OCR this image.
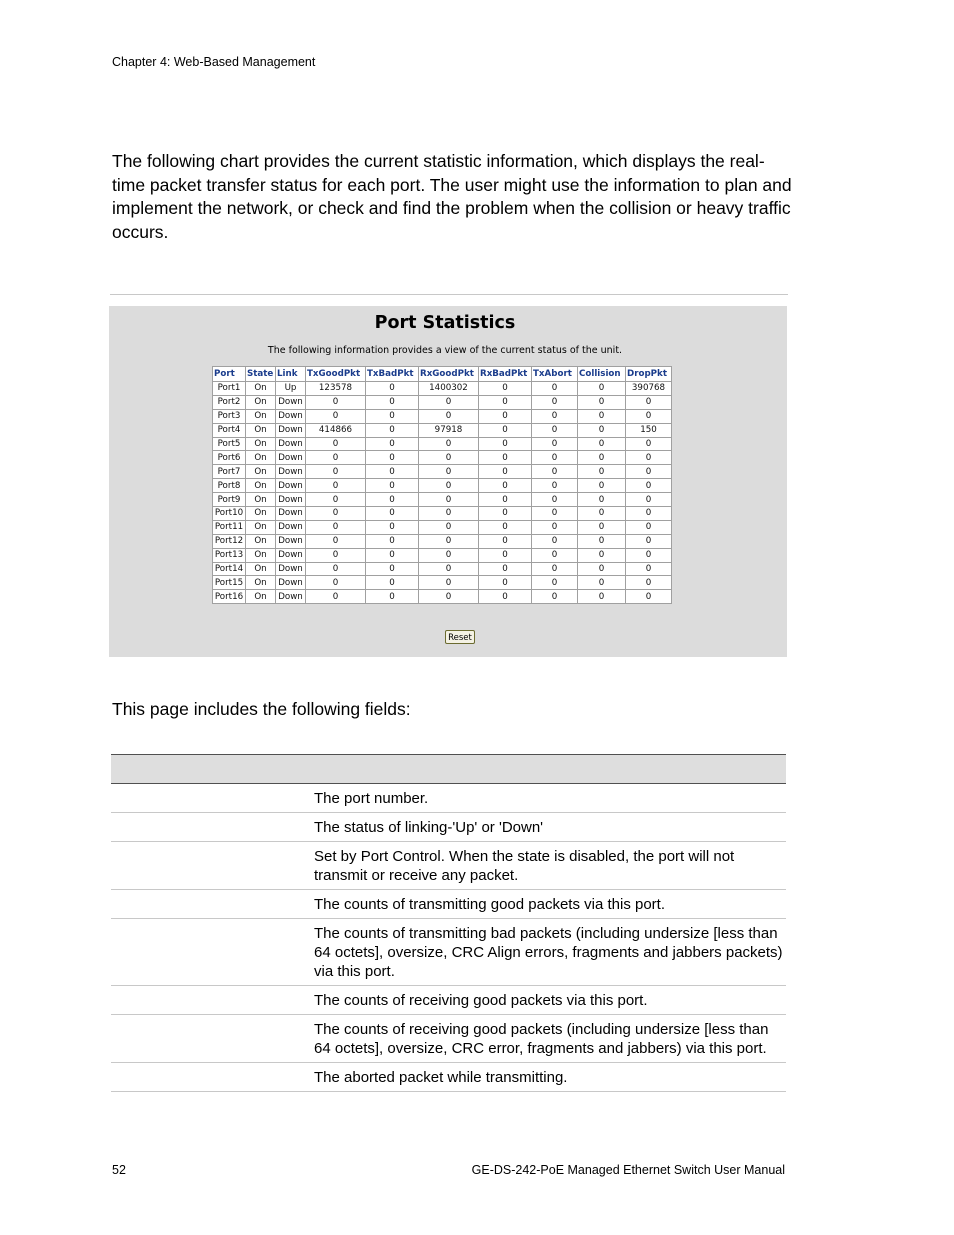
Chapter 4: Web-Based Management

The following chart provides the current statistic information, which displays the real-time packet transfer status for each port. The user might use the information to plan and implement the network, or check and find the problem when the collision or heavy traffic occurs.

Port Statistics
The following information provides a view of the current status of the unit.
Port	State	Link	TxGoodPkt	TxBadPkt	RxGoodPkt	RxBadPkt	TxAbort	Collision	DropPkt
Port1	On	Up	123578	0	1400302	0	0	0	390768
Port2	On	Down	0	0	0	0	0	0	0
Port3	On	Down	0	0	0	0	0	0	0
Port4	On	Down	414866	0	97918	0	0	0	150
Port5	On	Down	0	0	0	0	0	0	0
Port6	On	Down	0	0	0	0	0	0	0
Port7	On	Down	0	0	0	0	0	0	0
Port8	On	Down	0	0	0	0	0	0	0
Port9	On	Down	0	0	0	0	0	0	0
Port10	On	Down	0	0	0	0	0	0	0
Port11	On	Down	0	0	0	0	0	0	0
Port12	On	Down	0	0	0	0	0	0	0
Port13	On	Down	0	0	0	0	0	0	0
Port14	On	Down	0	0	0	0	0	0	0
Port15	On	Down	0	0	0	0	0	0	0
Port16	On	Down	0	0	0	0	0	0	0
Reset
This page includes the following fields:
The port number.
The status of linking-'Up' or 'Down'
Set by Port Control. When the state is disabled, the port will not transmit or receive any packet.
The counts of transmitting good packets via this port.
The counts of transmitting bad packets (including undersize [less than 64 octets], oversize, CRC Align errors, fragments and jabbers packets) via this port.
The counts of receiving good packets via this port.
The counts of receiving good packets (including undersize [less than 64 octets], oversize, CRC error, fragments and jabbers) via this port.
The aborted packet while transmitting.
52	GE-DS-242-PoE Managed Ethernet Switch User Manual
